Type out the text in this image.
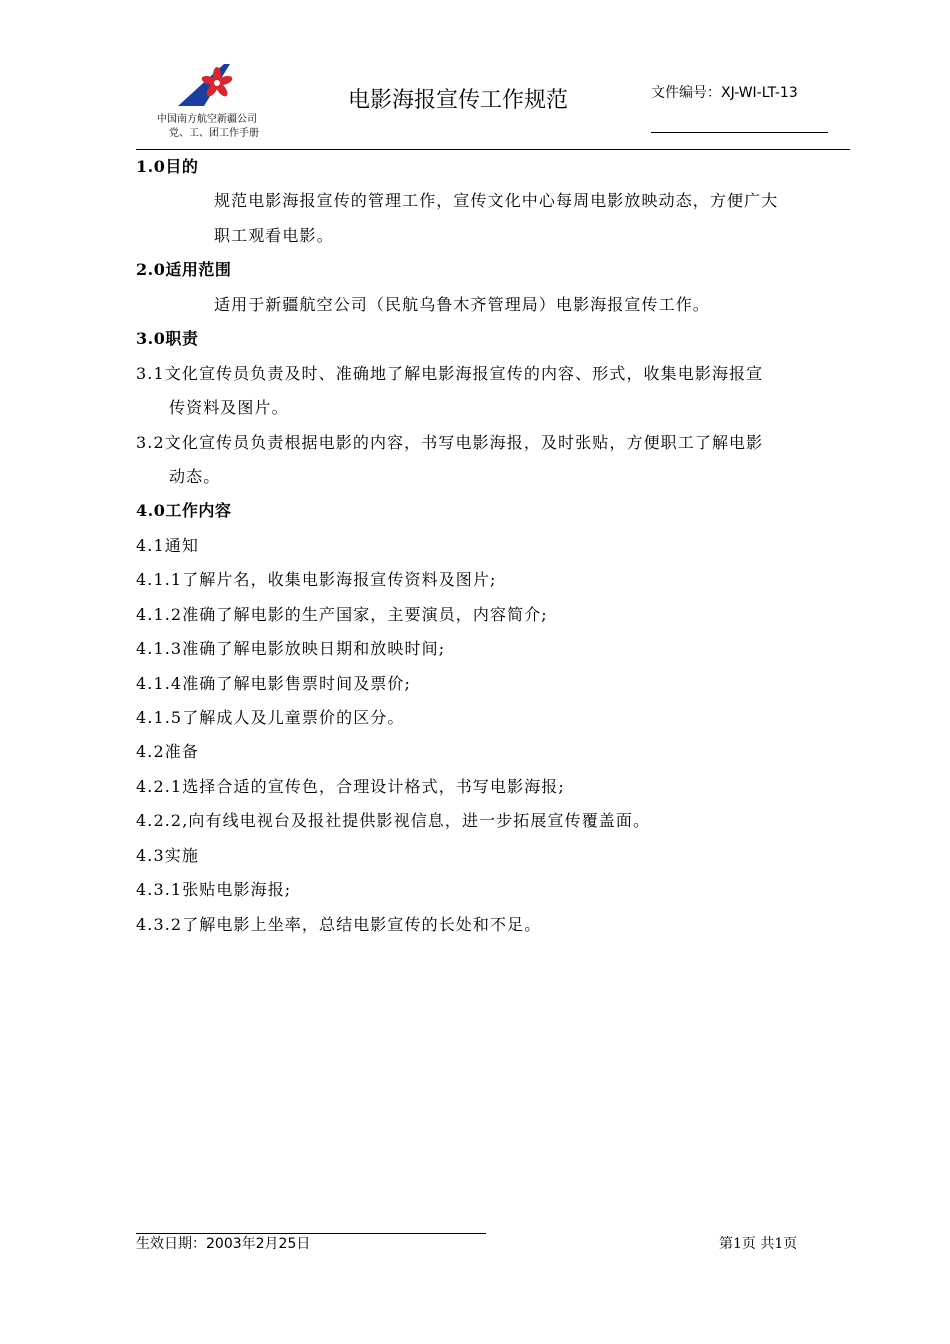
中国南方航空新疆公司
党、工、团工作手册
电影海报宣传工作规范	文件编号：XJ-WI-LT-13
1.0目的
规范电影海报宣传的管理工作，宣传文化中心每周电影放映动态，方便广大
职工观看电影。
2.0适用范围
适用于新疆航空公司（民航乌鲁木齐管理局）电影海报宣传工作。
3.0职责
3.1文化宣传员负责及时、准确地了解电影海报宣传的内容、形式，收集电影海报宣
传资料及图片。
3.2文化宣传员负责根据电影的内容，书写电影海报，及时张贴，方便职工了解电影
动态。
4.0工作内容
4.1通知
4.1.1了解片名，收集电影海报宣传资料及图片;
4.1.2准确了解电影的生产国家，主要演员，内容简介;
4.1.3准确了解电影放映日期和放映时间;
4.1.4准确了解电影售票时间及票价;
4.1.5了解成人及儿童票价的区分。
4.2准备
4.2.1选择合适的宣传色，合理设计格式，书写电影海报;
4.2.2,向有线电视台及报社提供影视信息，进一步拓展宣传覆盖面。
4.3实施
4.3.1张贴电影海报;
4.3.2了解电影上坐率，总结电影宣传的长处和不足。
生效日期：2003年2月25日	第1页 共1页
